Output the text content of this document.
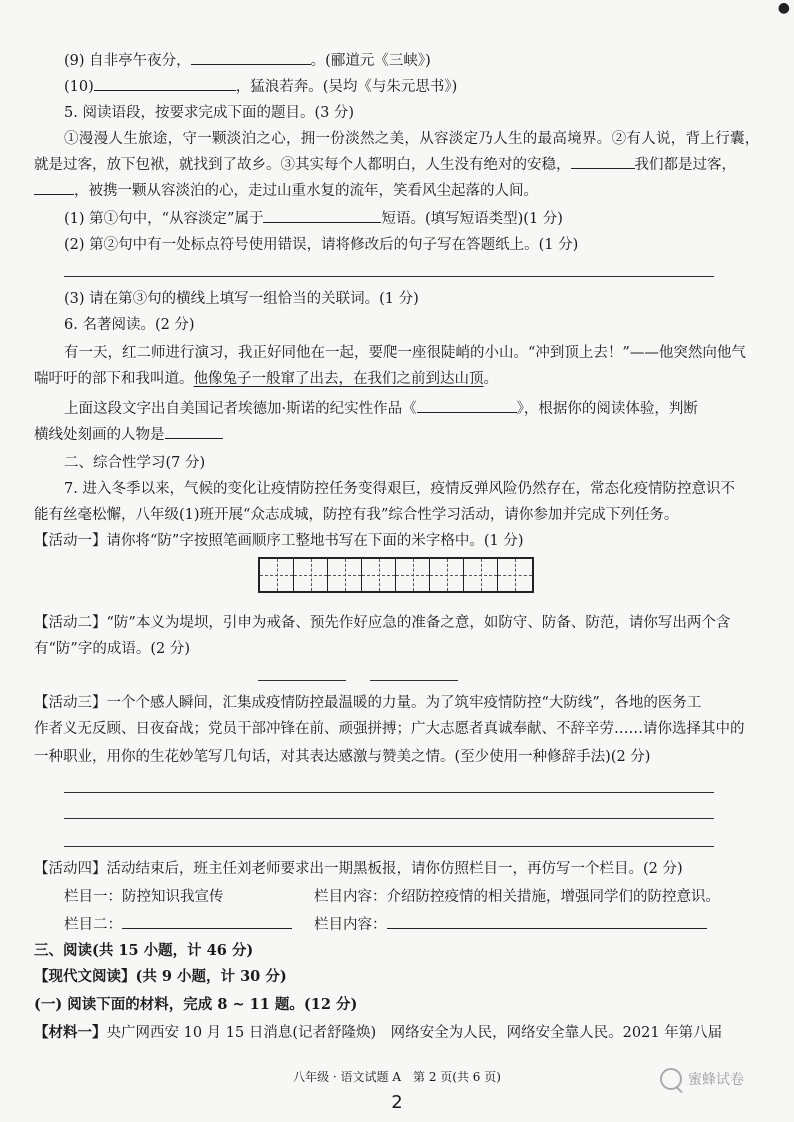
●
(9) 自非亭午夜分，	。(郦道元《三峡》)
(10)	，猛浪若奔。(吴均《与朱元思书》)
5. 阅读语段，按要求完成下面的题目。(3 分)
①漫漫人生旅途，守一颗淡泊之心，拥一份淡然之美，从容淡定乃人生的最高境界。②有人说，背上行囊，
就是过客，放下包袱，就找到了故乡。③其实每个人都明白，人生没有绝对的安稳，	我们都是过客，
，被携一颗从容淡泊的心，走过山重水复的流年，笑看风尘起落的人间。
(1) 第①句中，“从容淡定”属于	短语。(填写短语类型)(1 分)
(2) 第②句中有一处标点符号使用错误，请将修改后的句子写在答题纸上。(1 分)
(3) 请在第③句的横线上填写一组恰当的关联词。(1 分)
6. 名著阅读。(2 分)
有一天，红二师进行演习，我正好同他在一起，要爬一座很陡峭的小山。“冲到顶上去！”——他突然向他气
喘吁吁的部下和我叫道。他像兔子一般窜了出去，在我们之前到达山顶。
上面这段文字出自美国记者埃德加·斯诺的纪实性作品《	》，根据你的阅读体验，判断
横线处刻画的人物是
二、综合性学习(7 分)
7. 进入冬季以来，气候的变化让疫情防控任务变得艰巨，疫情反弹风险仍然存在，常态化疫情防控意识不
能有丝毫松懈，八年级(1)班开展“众志成城，防控有我”综合性学习活动，请你参加并完成下列任务。
【活动一】请你将“防”字按照笔画顺序工整地书写在下面的米字格中。(1 分)
【活动二】“防”本义为堤坝，引申为戒备、预先作好应急的准备之意，如防守、防备、防范，请你写出两个含
有“防”字的成语。(2 分)
【活动三】一个个感人瞬间，汇集成疫情防控最温暖的力量。为了筑牢疫情防控“大防线”，各地的医务工
作者义无反顾、日夜奋战；党员干部冲锋在前、顽强拼搏；广大志愿者真诚奉献、不辞辛劳……请你选择其中的
一种职业，用你的生花妙笔写几句话，对其表达感激与赞美之情。(至少使用一种修辞手法)(2 分)
【活动四】活动结束后，班主任刘老师要求出一期黑板报，请你仿照栏目一，再仿写一个栏目。(2 分)
栏目一：防控知识我宣传	栏目内容：介绍防控疫情的相关措施，增强同学们的防控意识。
栏目二：	栏目内容：
三、阅读(共 15 小题，计 46 分)
【现代文阅读】(共 9 小题，计 30 分)
(一) 阅读下面的材料，完成 8 ~ 11 题。(12 分)
【材料一】央广网西安 10 月 15 日消息(记者舒隆焕)　网络安全为人民，网络安全靠人民。2021 年第八届
八年级 · 语文试题 A　第 2 页(共 6 页)
2
蜜蜂试卷
